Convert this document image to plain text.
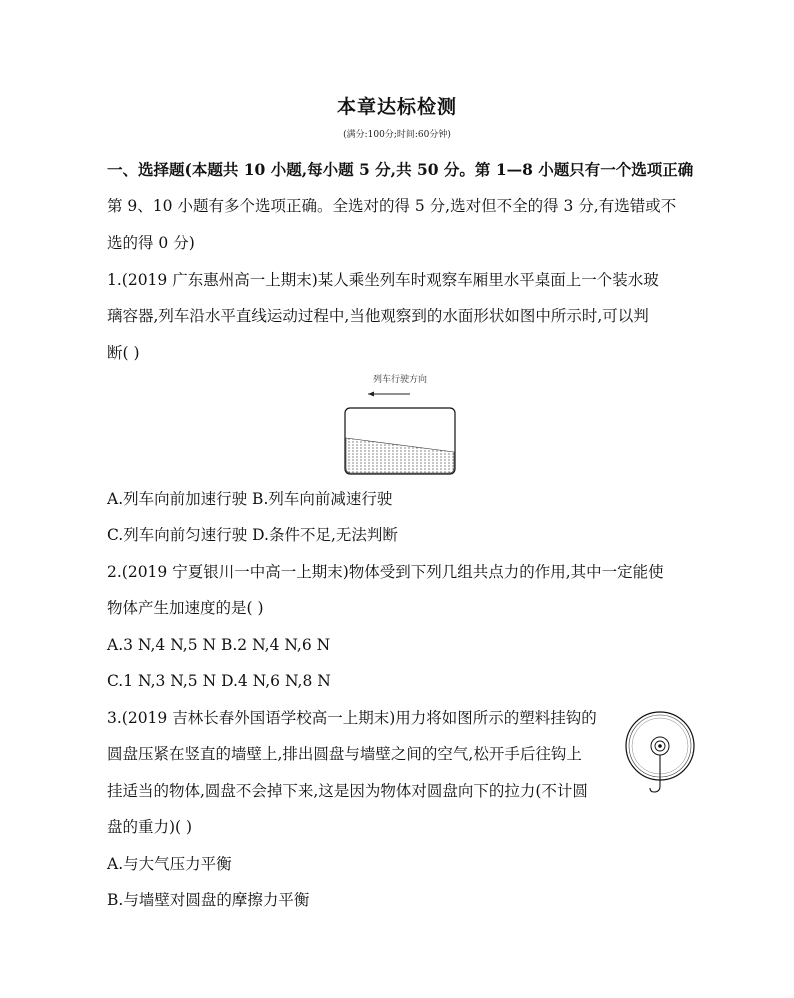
本章达标检测
(满分:100分;时间:60分钟)
一、选择题(本题共 10 小题,每小题 5 分,共 50 分。第 1—8 小题只有一个选项正确
第 9、10 小题有多个选项正确。全选对的得 5 分,选对但不全的得 3 分,有选错或不
选的得 0 分)
1.(2019 广东惠州高一上期末)某人乘坐列车时观察车厢里水平桌面上一个装水玻
璃容器,列车沿水平直线运动过程中,当他观察到的水面形状如图中所示时,可以判
断( )
列车行驶方向
A.列车向前加速行驶 B.列车向前减速行驶
C.列车向前匀速行驶 D.条件不足,无法判断
2.(2019 宁夏银川一中高一上期末)物体受到下列几组共点力的作用,其中一定能使
物体产生加速度的是( )
A.3 N,4 N,5 N B.2 N,4 N,6 N
C.1 N,3 N,5 N D.4 N,6 N,8 N
3.(2019 吉林长春外国语学校高一上期末)用力将如图所示的塑料挂钩的
圆盘压紧在竖直的墙壁上,排出圆盘与墙壁之间的空气,松开手后往钩上
挂适当的物体,圆盘不会掉下来,这是因为物体对圆盘向下的拉力(不计圆
盘的重力)( )
A.与大气压力平衡
B.与墙壁对圆盘的摩擦力平衡
